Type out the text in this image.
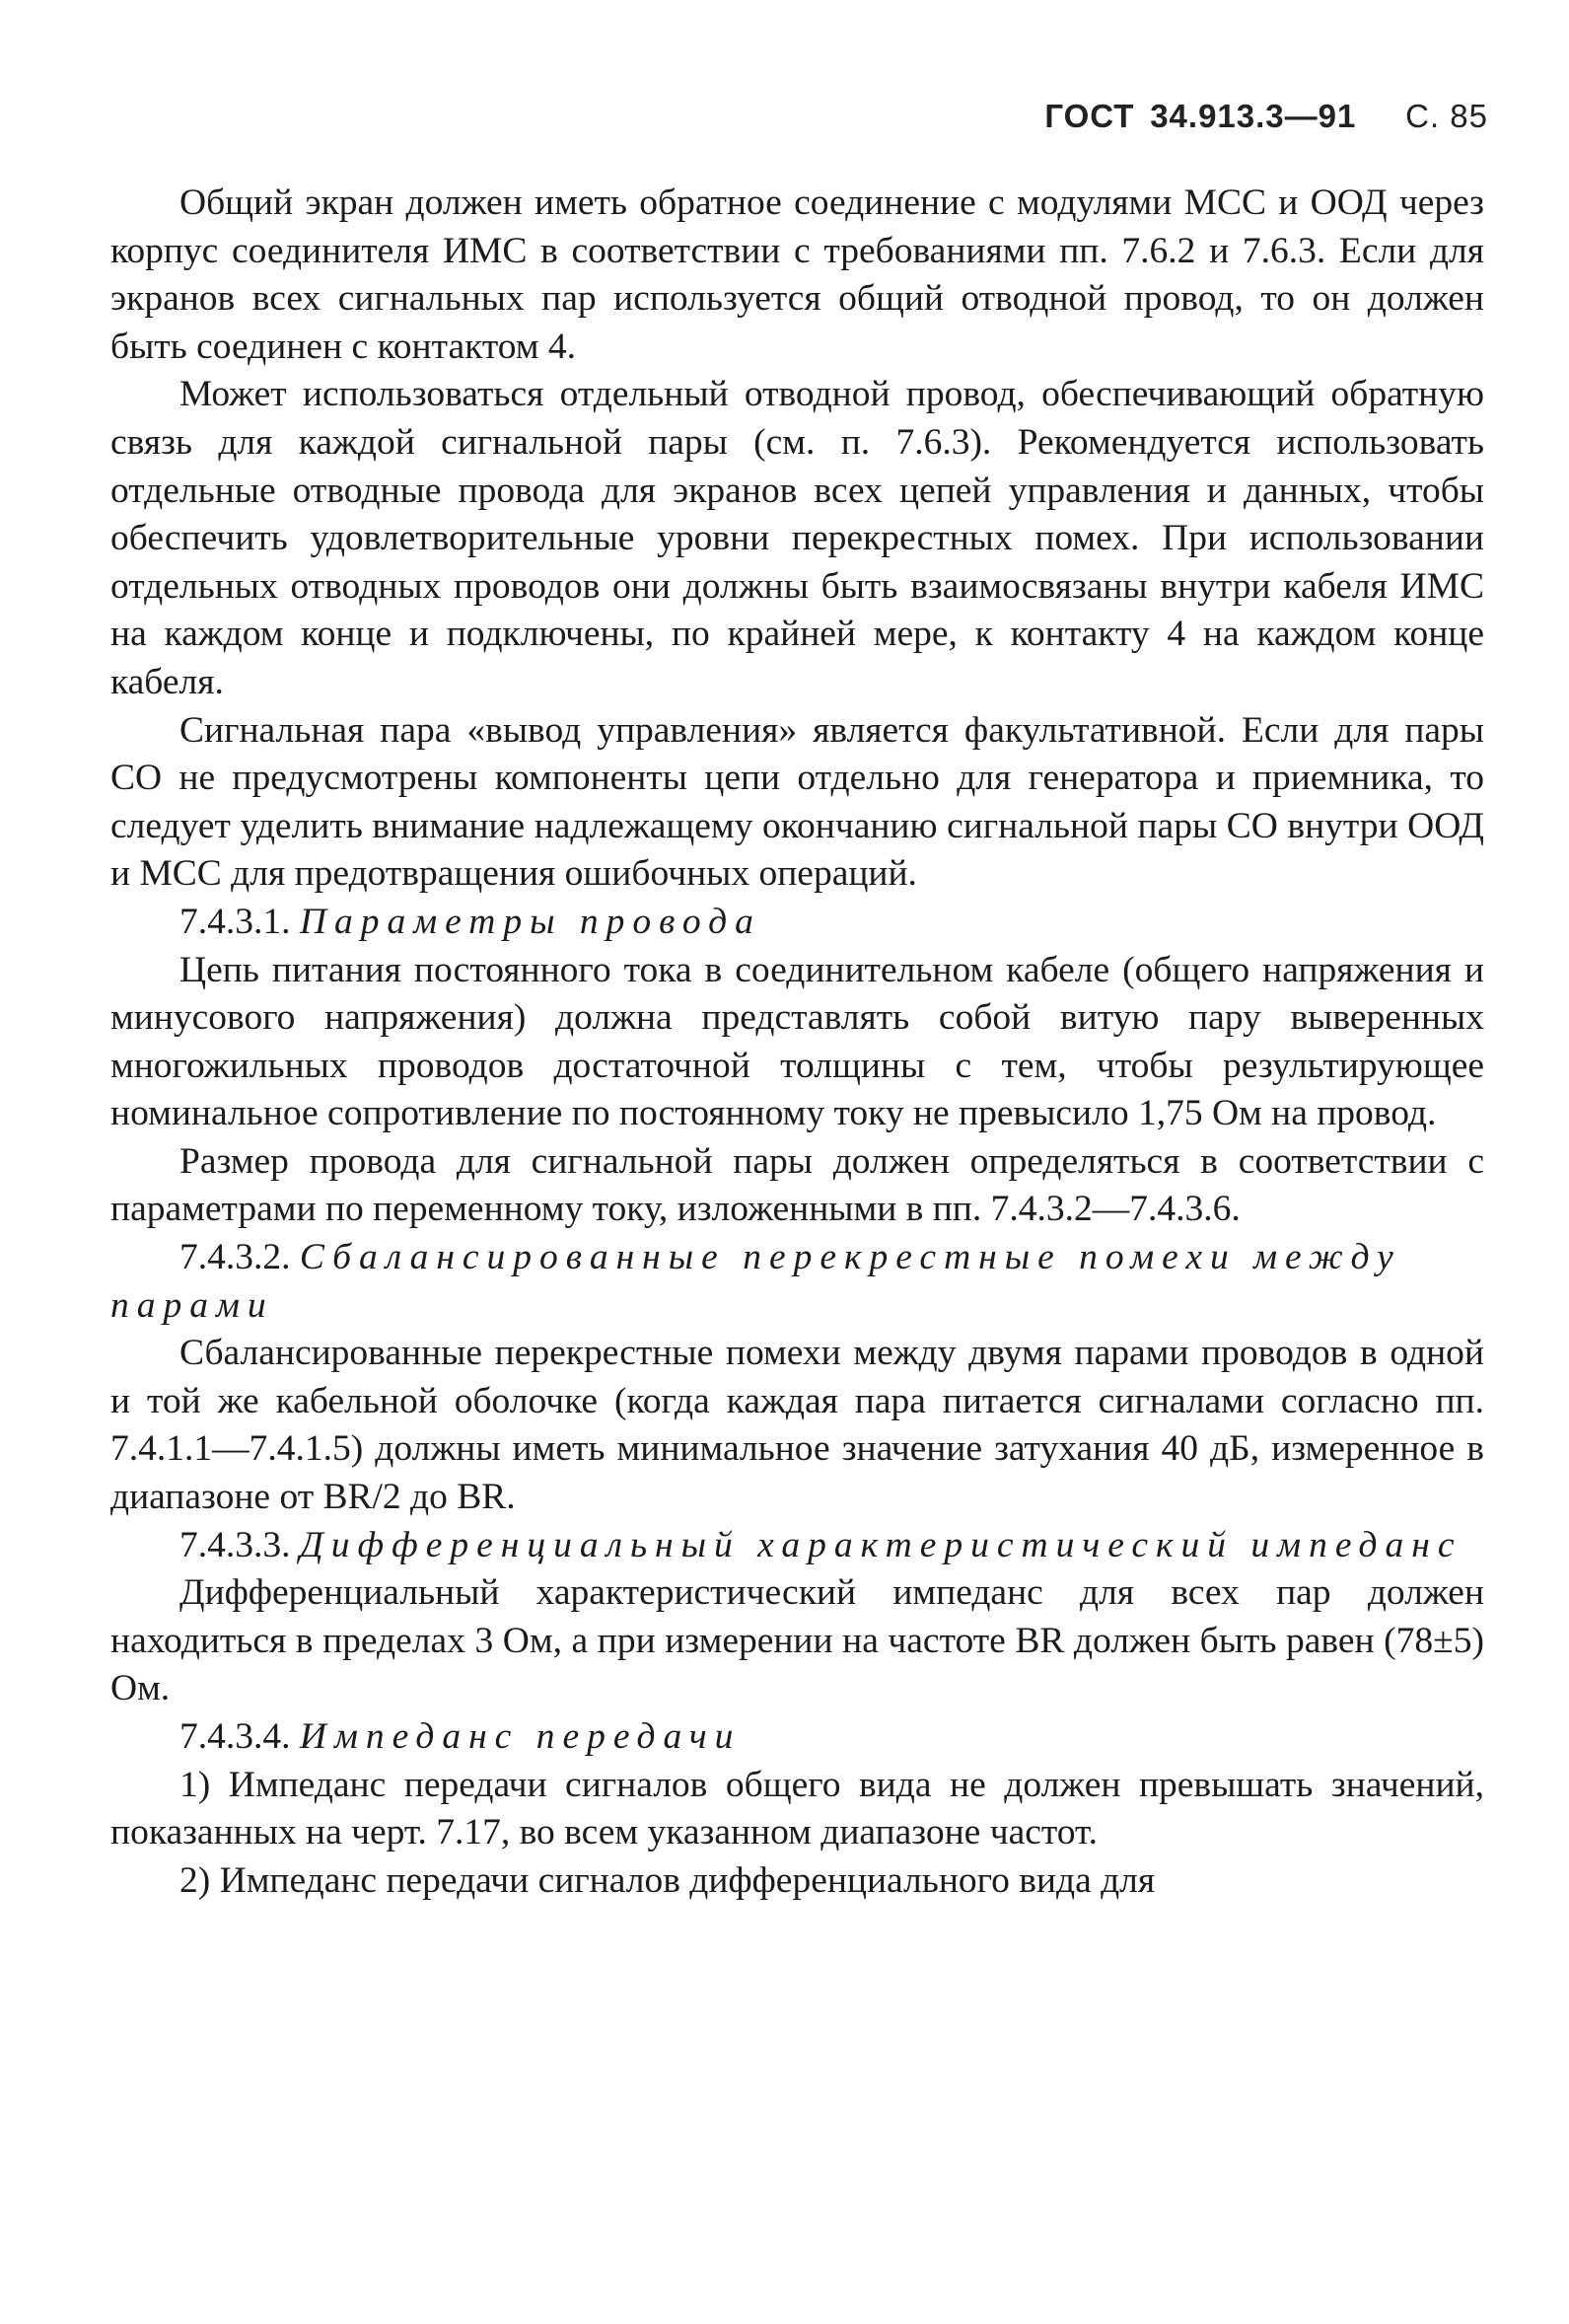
ГОСТ 34.913.3—91 С. 85

Общий экран должен иметь обратное соединение с модулями МСС и ООД через корпус соединителя ИМС в соответствии с требованиями пп. 7.6.2 и 7.6.3. Если для экранов всех сигнальных пар используется общий отводной провод, то он должен быть соединен с контактом 4.

Может использоваться отдельный отводной провод, обеспечивающий обратную связь для каждой сигнальной пары (см. п. 7.6.3). Рекомендуется использовать отдельные отводные провода для экранов всех цепей управления и данных, чтобы обеспечить удовлетворительные уровни перекрестных помех. При использовании отдельных отводных проводов они должны быть взаимосвязаны внутри кабеля ИМС на каждом конце и подключены, по крайней мере, к контакту 4 на каждом конце кабеля.

Сигнальная пара «вывод управления» является факультативной. Если для пары СО не предусмотрены компоненты цепи отдельно для генератора и приемника, то следует уделить внимание надлежащему окончанию сигнальной пары СО внутри ООД и МСС для предотвращения ошибочных операций.

7.4.3.1. Параметры провода

Цепь питания постоянного тока в соединительном кабеле (общего напряжения и минусового напряжения) должна представлять собой витую пару выверенных многожильных проводов достаточной толщины с тем, чтобы результирующее номинальное сопротивление по постоянному току не превысило 1,75 Ом на провод.

Размер провода для сигнальной пары должен определяться в соответствии с параметрами по переменному току, изложенными в пп. 7.4.3.2—7.4.3.6.

7.4.3.2. Сбалансированные перекрестные помехи между парами

Сбалансированные перекрестные помехи между двумя парами проводов в одной и той же кабельной оболочке (когда каждая пара питается сигналами согласно пп. 7.4.1.1—7.4.1.5) должны иметь минимальное значение затухания 40 дБ, измеренное в диапазоне от BR/2 до BR.

7.4.3.3. Дифференциальный характеристический импеданс

Дифференциальный характеристический импеданс для всех пар должен находиться в пределах 3 Ом, а при измерении на частоте BR должен быть равен (78±5) Ом.

7.4.3.4. Импеданс передачи

1) Импеданс передачи сигналов общего вида не должен превышать значений, показанных на черт. 7.17, во всем указанном диапазоне частот.

2) Импеданс передачи сигналов дифференциального вида для
